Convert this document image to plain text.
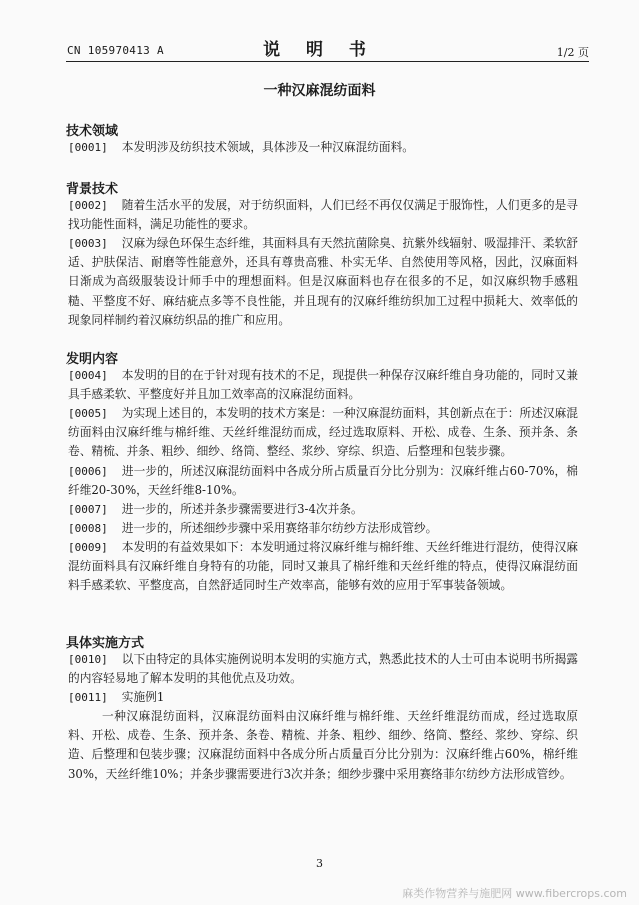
CN 105970413 A	说 明 书	1/2 页
一种汉麻混纺面料
技术领域
[0001] 本发明涉及纺织技术领域，具体涉及一种汉麻混纺面料。
背景技术
[0002] 随着生活水平的发展，对于纺织面料，人们已经不再仅仅满足于服饰性，人们更多的是寻找功能性面料，满足功能性的要求。
[0003] 汉麻为绿色环保生态纤维，其面料具有天然抗菌除臭、抗紫外线辐射、吸湿排汗、柔软舒适、护肤保洁、耐磨等性能意外，还具有尊贵高雅、朴实无华、自然使用等风格，因此，汉麻面料日渐成为高级服装设计师手中的理想面料。但是汉麻面料也存在很多的不足，如汉麻织物手感粗糙、平整度不好、麻结疵点多等不良性能，并且现有的汉麻纤维纺织加工过程中损耗大、效率低的现象同样制约着汉麻纺织品的推广和应用。
发明内容
[0004] 本发明的目的在于针对现有技术的不足，现提供一种保存汉麻纤维自身功能的，同时又兼具手感柔软、平整度好并且加工效率高的汉麻混纺面料。
[0005] 为实现上述目的，本发明的技术方案是：一种汉麻混纺面料，其创新点在于：所述汉麻混纺面料由汉麻纤维与棉纤维、天丝纤维混纺而成，经过选取原料、开松、成卷、生条、预并条、条卷、精梳、并条、粗纱、细纱、络筒、整经、浆纱、穿综、织造、后整理和包装步骤。
[0006] 进一步的，所述汉麻混纺面料中各成分所占质量百分比分别为：汉麻纤维占60-70%，棉纤维20-30%，天丝纤维8-10%。
[0007] 进一步的，所述并条步骤需要进行3-4次并条。
[0008] 进一步的，所述细纱步骤中采用赛络菲尔纺纱方法形成管纱。
[0009] 本发明的有益效果如下：本发明通过将汉麻纤维与棉纤维、天丝纤维进行混纺，使得汉麻混纺面料具有汉麻纤维自身特有的功能，同时又兼具了棉纤维和天丝纤维的特点，使得汉麻混纺面料手感柔软、平整度高，自然舒适同时生产效率高，能够有效的应用于军事装备领域。
具体实施方式
[0010] 以下由特定的具体实施例说明本发明的实施方式，熟悉此技术的人士可由本说明书所揭露的内容轻易地了解本发明的其他优点及功效。
[0011] 实施例1
一种汉麻混纺面料，汉麻混纺面料由汉麻纤维与棉纤维、天丝纤维混纺而成，经过选取原料、开松、成卷、生条、预并条、条卷、精梳、并条、粗纱、细纱、络筒、整经、浆纱、穿综、织造、后整理和包装步骤；汉麻混纺面料中各成分所占质量百分比分别为：汉麻纤维占60%，棉纤维30%，天丝纤维10%；并条步骤需要进行3次并条；细纱步骤中采用赛络菲尔纺纱方法形成管纱。
3
麻类作物营养与施肥网 www.fibercrops.com
